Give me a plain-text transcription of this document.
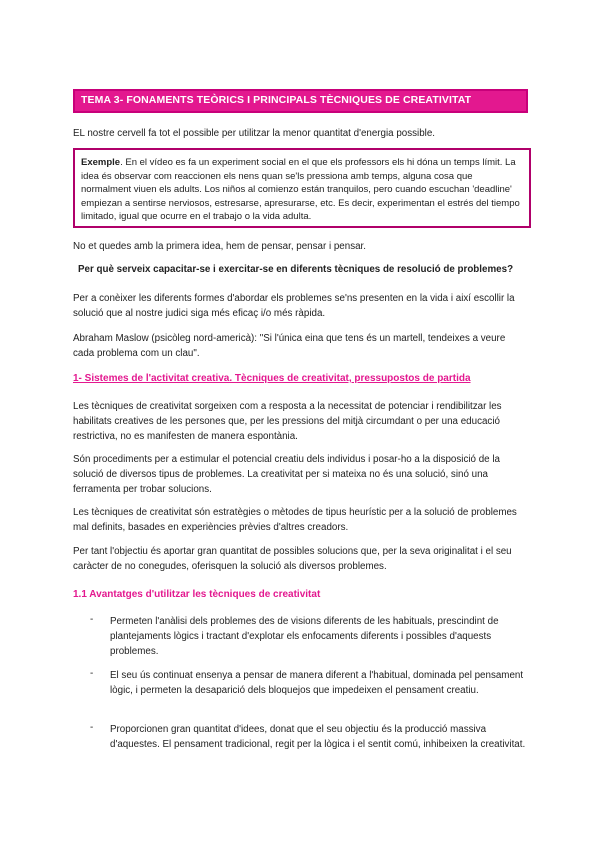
TEMA 3- FONAMENTS TEÒRICS I PRINCIPALS TÈCNIQUES DE CREATIVITAT

EL nostre cervell fa tot el possible per utilitzar la menor quantitat d'energia possible.

Exemple. En el vídeo es fa un experiment social en el que els professors els hi dóna un temps límit. La idea és observar com reaccionen els nens quan se'ls pressiona amb temps, alguna cosa que normalment viuen els adults. Los niños al comienzo están tranquilos, pero cuando escuchan 'deadline' empiezan a sentirse nerviosos, estresarse, apresurarse, etc. Es decir, experimentan el estrés del tiempo limitado, igual que ocurre en el trabajo o la vida adulta.

No et quedes amb la primera idea, hem de pensar, pensar i pensar.

Per què serveix capacitar-se i exercitar-se en diferents tècniques de resolució de problemes?

Per a conèixer les diferents formes d'abordar els problemes se'ns presenten en la vida i així escollir la solució que al nostre judici siga més eficaç i/o més ràpida.

Abraham Maslow (psicòleg nord-americà): "Si l'única eina que tens és un martell, tendeixes a veure cada problema com un clau".

1- Sistemes de l'activitat creativa. Tècniques de creativitat, pressupostos de partida

Les tècniques de creativitat sorgeixen com a resposta a la necessitat de potenciar i rendibilitzar les habilitats creatives de les persones que, per les pressions del mitjà circumdant o per una educació restrictiva, no es manifesten de manera espontània.

Són procediments per a estimular el potencial creatiu dels individus i posar-ho a la disposició de la solució de diversos tipus de problemes. La creativitat per si mateixa no és una solució, sinó una ferramenta per trobar solucions.

Les tècniques de creativitat són estratègies o mètodes de tipus heurístic per a la solució de problemes mal definits, basades en experiències prèvies d'altres creadors.

Per tant l'objectiu és aportar gran quantitat de possibles solucions que, per la seva originalitat i el seu caràcter de no conegudes, oferisquen la solució als diversos problemes.

1.1 Avantatges d'utilitzar les tècniques de creativitat
- Permeten l'anàlisi dels problemes des de visions diferents de les habituals, prescindint de plantejaments lògics i tractant d'explotar els enfocaments diferents i possibles d'aquests problemes.

- El seu ús continuat ensenya a pensar de manera diferent a l'habitual, dominada pel pensament lògic, i permeten la desaparició dels bloquejos que impedeixen el pensament creatiu.

- Proporcionen gran quantitat d'idees, donat que el seu objectiu és la producció massiva d'aquestes. El pensament tradicional, regit per la lògica i el sentit comú, inhibeixen la creativitat.
